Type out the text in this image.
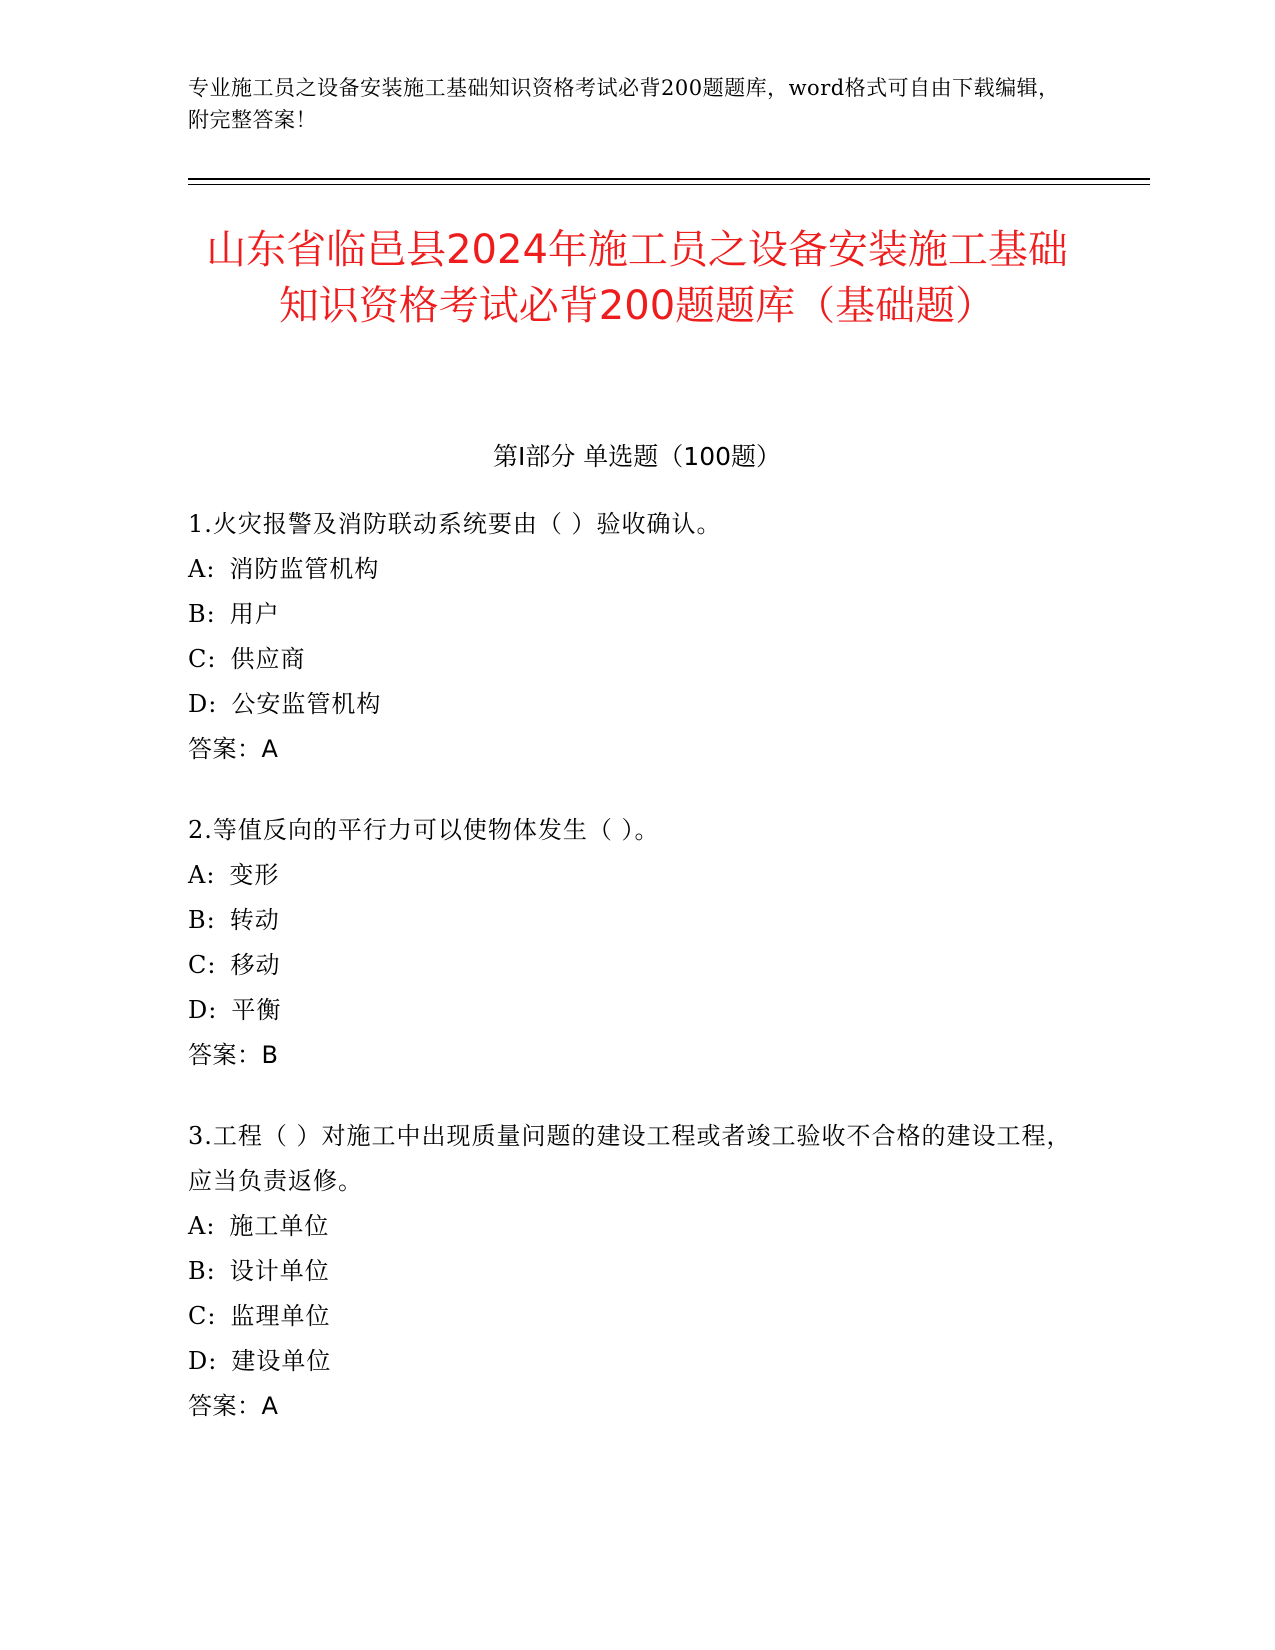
专业施工员之设备安装施工基础知识资格考试必背200题题库，word格式可自由下载编辑，附完整答案！
山东省临邑县2024年施工员之设备安装施工基础知识资格考试必背200题题库（基础题）
第I部分 单选题（100题）
1.火灾报警及消防联动系统要由（ ）验收确认。
A: 消防监管机构
B: 用户
C: 供应商
D: 公安监管机构
答案：A
2.等值反向的平行力可以使物体发生（ ）。
A: 变形
B: 转动
C: 移动
D: 平衡
答案：B
3.工程（ ）对施工中出现质量问题的建设工程或者竣工验收不合格的建设工程，应当负责返修。
A: 施工单位
B: 设计单位
C: 监理单位
D: 建设单位
答案：A
